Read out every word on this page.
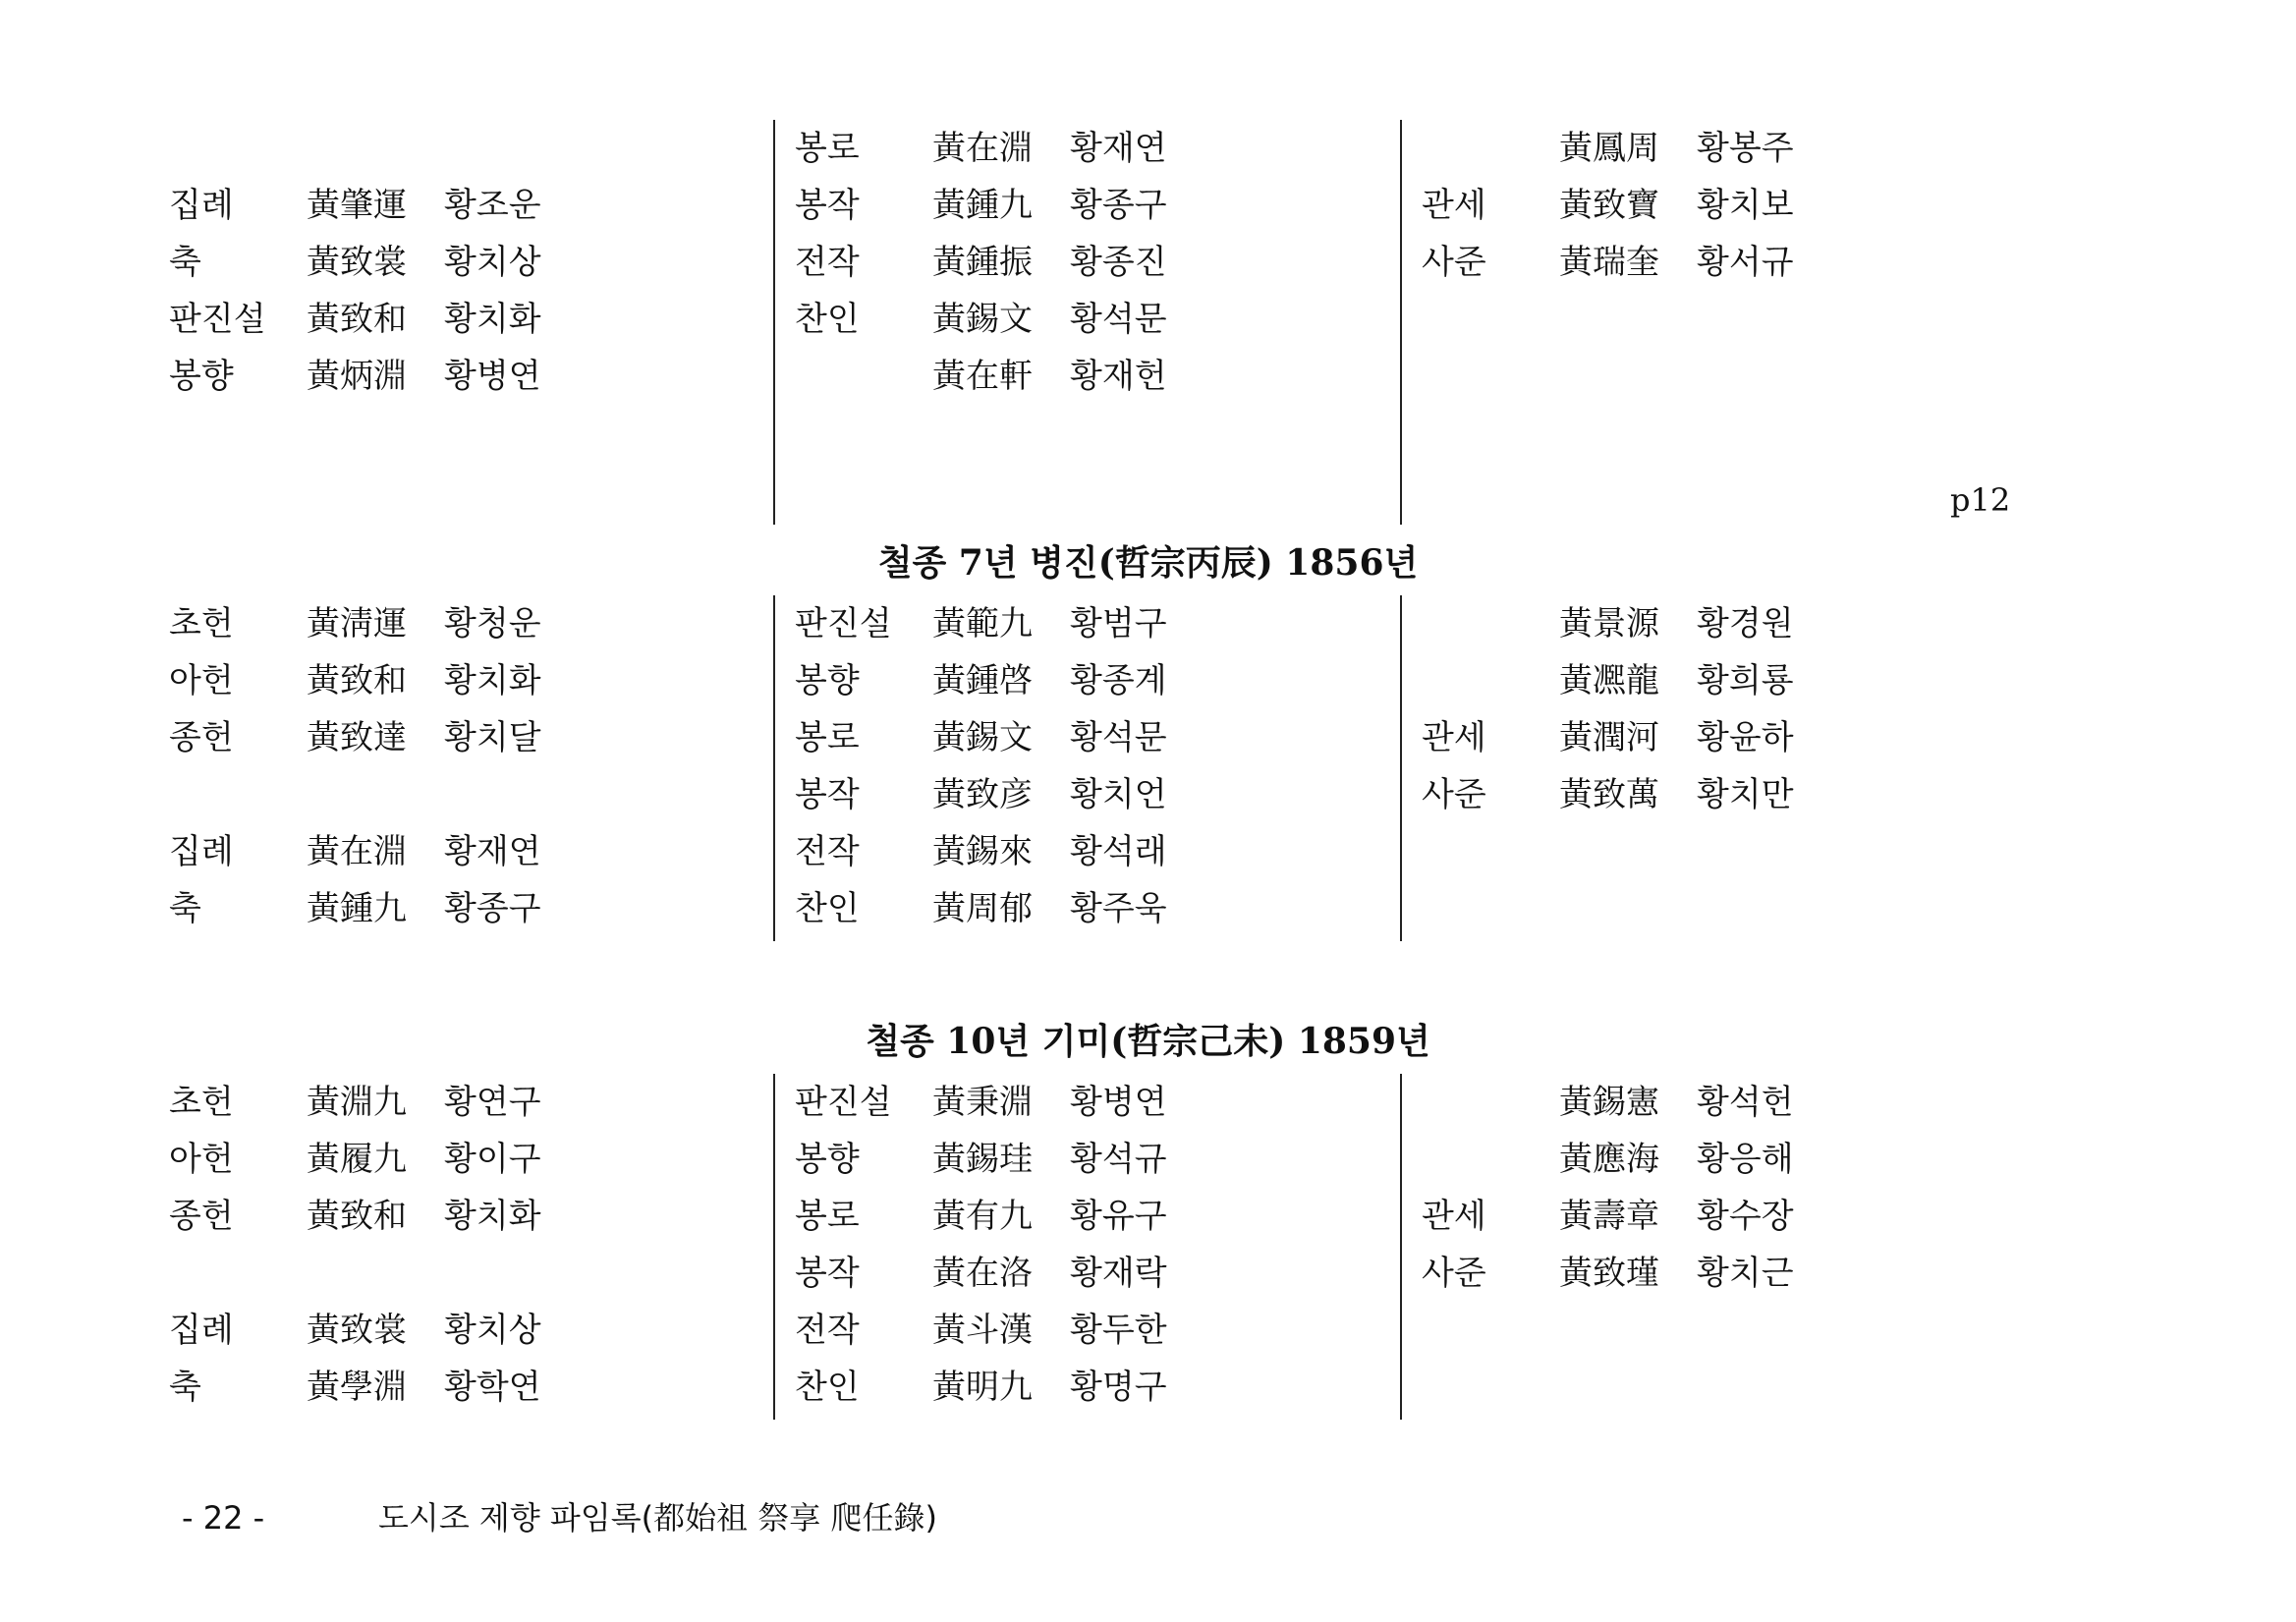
철종 7년 병진(哲宗丙辰) 1856년
철종 10년 기미(哲宗己未) 1859년
p12
- 22 -	도시조 제향 파임록(都始祖 祭享 爬任錄)
집례 黃肇運 황조운
축	黃致裳 황치상
판진설 黃致和 황치화
봉향 黃炳淵 황병연
봉로 黃在淵 황재연
봉작 黃鍾九 황종구
전작 黃鍾振 황종진
찬인 黃錫文 황석문
黃在軒 황재헌
黃鳳周 황봉주
관세 黃致寶 황치보
사준 黃瑞奎 황서규
초헌 黃淸運 황청운
아헌 黃致和 황치화
종헌 黃致達 황치달
집례 黃在淵 황재연
축	黃鍾九 황종구
판진설 黃範九 황범구
봉향 黃鍾啓 황종계
봉로 黃錫文 황석문
봉작 黃致彦 황치언
전작 黃錫來 황석래
찬인 黃周郁 황주욱
黃景源 황경원
黃凞龍 황희룡
관세 黃潤河 황윤하
사준 黃致萬 황치만
초헌 黃淵九 황연구
아헌 黃履九 황이구
종헌 黃致和 황치화
집례 黃致裳 황치상
축	黃學淵 황학연
판진설 黃秉淵 황병연
봉향 黃錫珪 황석규
봉로 黃有九 황유구
봉작 黃在洛 황재락
전작 黃斗漢 황두한
찬인 黃明九 황명구
黃錫憲 황석헌
黃應海 황응해
관세 黃壽章 황수장
사준 黃致瑾 황치근
